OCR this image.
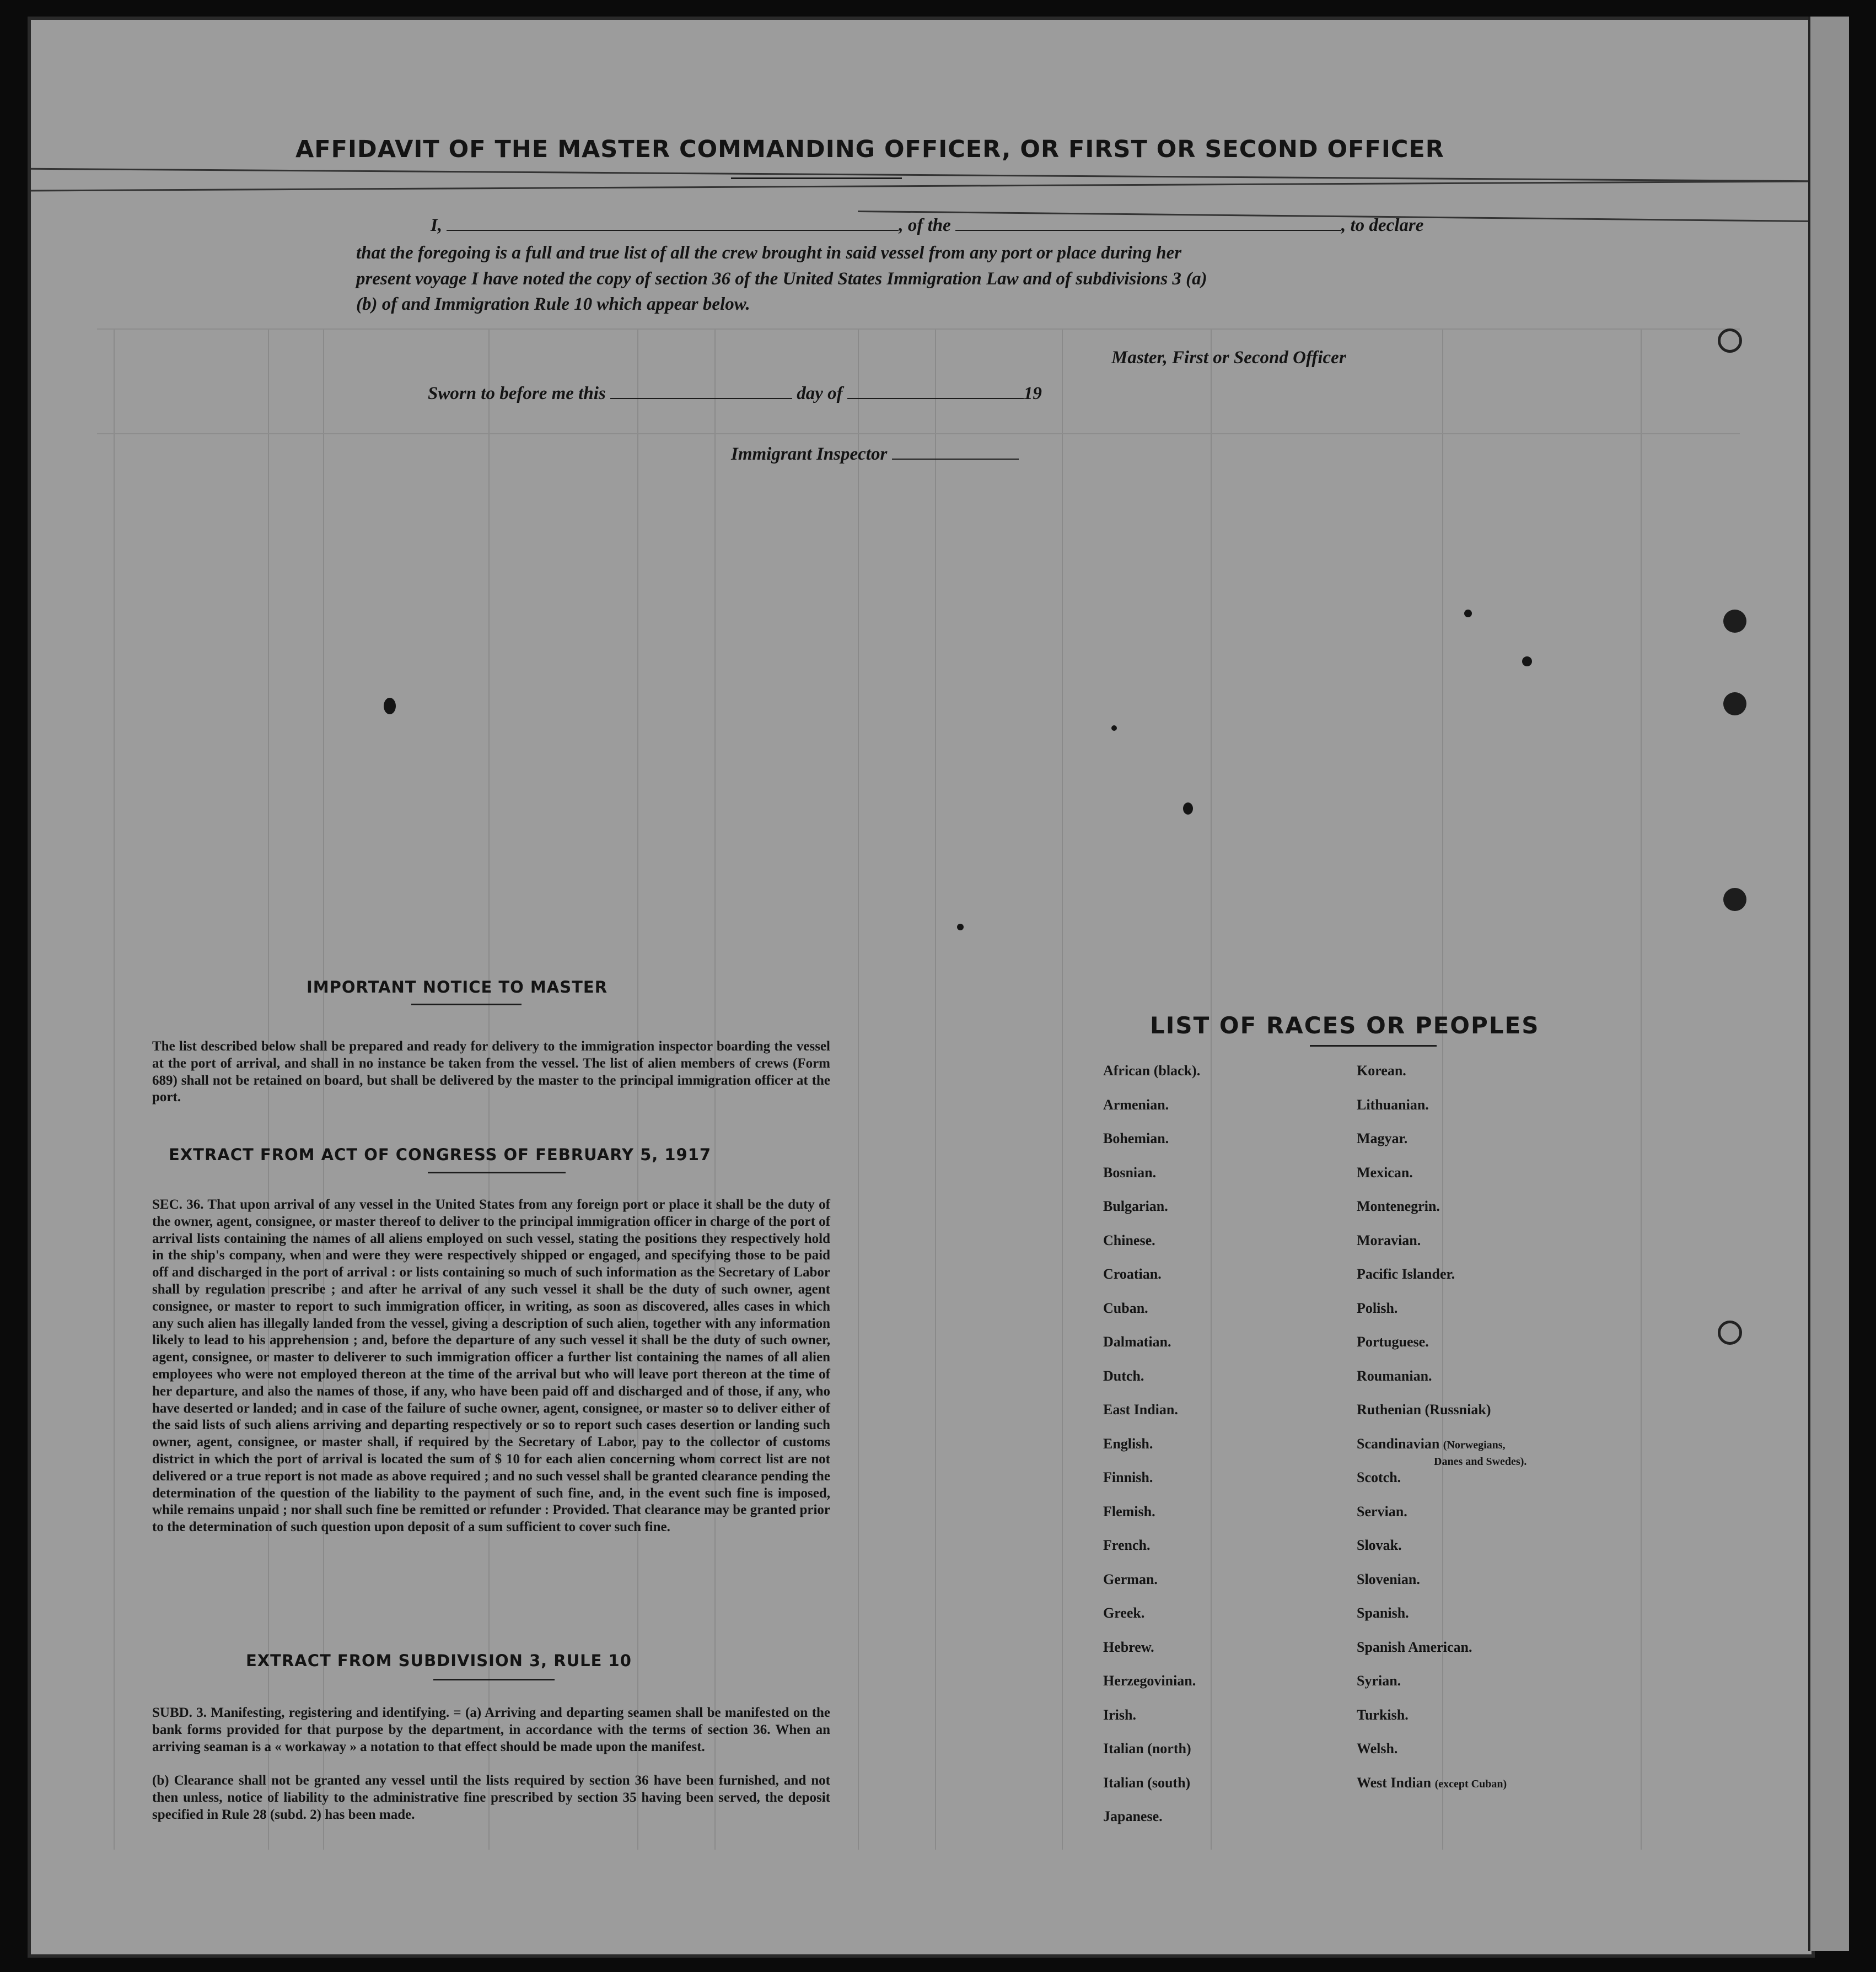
AFFIDAVIT OF THE MASTER COMMANDING OFFICER, OR FIRST OR SECOND OFFICER
I,	, of the	, to declare
that the foregoing is a full and true list of all the crew brought in said vessel from any port or place during her
present voyage I have noted the copy of section 36 of the United States Immigration Law and of subdivisions 3 (a)
(b) of and Immigration Rule 10 which appear below.
Master, First or Second Officer
Sworn to before me this	day of	19
Immigrant Inspector
IMPORTANT NOTICE TO MASTER
The list described below shall be prepared and ready for delivery to the immigration inspector boarding the vessel at the port of arrival, and shall in no instance be taken from the vessel. The list of alien members of crews (Form 689) shall not be retained on board, but shall be delivered by the master to the principal immigration officer at the port.
EXTRACT FROM ACT OF CONGRESS OF FEBRUARY 5, 1917
SEC. 36. That upon arrival of any vessel in the United States from any foreign port or place it shall be the duty of the owner, agent, consignee, or master thereof to deliver to the principal immigration officer in charge of the port of arrival lists containing the names of all aliens employed on such vessel, stating the positions they respectively hold in the ship's company, when and were they were respectively shipped or engaged, and specifying those to be paid off and discharged in the port of arrival : or lists containing so much of such information as the Secretary of Labor shall by regulation prescribe ; and after he arrival of any such vessel it shall be the duty of such owner, agent consignee, or master to report to such immigration officer, in writing, as soon as discovered, alles cases in which any such alien has illegally landed from the vessel, giving a description of such alien, together with any information likely to lead to his apprehension ; and, before the departure of any such vessel it shall be the duty of such owner, agent, consignee, or master to deliverer to such immigration officer a further list containing the names of all alien employees who were not employed thereon at the time of the arrival but who will leave port thereon at the time of her departure, and also the names of those, if any, who have been paid off and discharged and of those, if any, who have deserted or landed; and in case of the failure of suche owner, agent, consignee, or master so to deliver either of the said lists of such aliens arriving and departing respectively or so to report such cases desertion or landing such owner, agent, consignee, or master shall, if required by the Secretary of Labor, pay to the collector of customs district in which the port of arrival is located the sum of $ 10 for each alien concerning whom correct list are not delivered or a true report is not made as above required ; and no such vessel shall be granted clearance pending the determination of the question of the liability to the payment of such fine, and, in the event such fine is imposed, while remains unpaid ; nor shall such fine be remitted or refunder : Provided. That clearance may be granted prior to the determination of such question upon deposit of a sum sufficient to cover such fine.
EXTRACT FROM SUBDIVISION 3, RULE 10
SUBD. 3. Manifesting, registering and identifying. = (a) Arriving and departing seamen shall be manifested on the bank forms provided for that purpose by the department, in accordance with the terms of section 36. When an arriving seaman is a « workaway » a notation to that effect should be made upon the manifest.
(b) Clearance shall not be granted any vessel until the lists required by section 36 have been furnished, and not then unless, notice of liability to the administrative fine prescribed by section 35 having been served, the deposit specified in Rule 28 (subd. 2) has been made.
LIST OF RACES OR PEOPLES
African (black).
Armenian.
Bohemian.
Bosnian.
Bulgarian.
Chinese.
Croatian.
Cuban.
Dalmatian.
Dutch.
East Indian.
English.
Finnish.
Flemish.
French.
German.
Greek.
Hebrew.
Herzegovinian.
Irish.
Italian (north)
Italian (south)
Japanese.
Korean.
Lithuanian.
Magyar.
Mexican.
Montenegrin.
Moravian.
Pacific Islander.
Polish.
Portuguese.
Roumanian.
Ruthenian (Russniak)
Scandinavian (Norwegians,
Danes and Swedes).
Scotch.
Servian.
Slovak.
Slovenian.
Spanish.
Spanish American.
Syrian.
Turkish.
Welsh.
West Indian (except Cuban)
